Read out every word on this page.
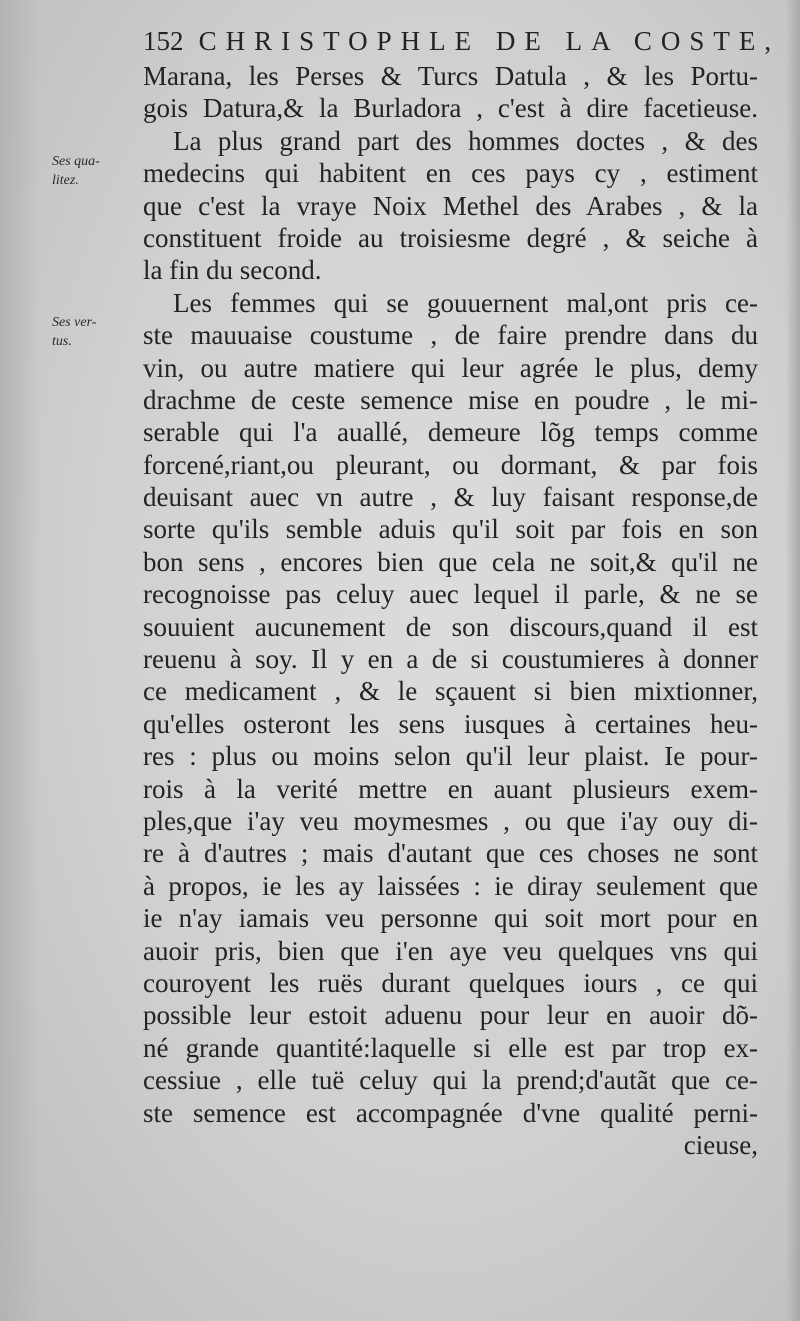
152 CHRISTOPHLE DE LA COSTE,
Ses qua-
litez.
Ses ver-
tus.
Marana, les Perses & Turcs Datula , & les Portu-
gois Datura,& la Burladora , c'est à dire facetieuse.
La plus grand part des hommes doctes , & des
medecins qui habitent en ces pays cy , estiment
que c'est la vraye Noix Methel des Arabes , & la
constituent froide au troisiesme degré , & seiche à
la fin du second.
Les femmes qui se gouuernent mal,ont pris ce-
ste mauuaise coustume , de faire prendre dans du
vin, ou autre matiere qui leur agrée le plus, demy
drachme de ceste semence mise en poudre , le mi-
serable qui l'a auallé, demeure lõg temps comme
forcené,riant,ou pleurant, ou dormant, & par fois
deuisant auec vn autre , & luy faisant response,de
sorte qu'ils semble aduis qu'il soit par fois en son
bon sens , encores bien que cela ne soit,& qu'il ne
recognoisse pas celuy auec lequel il parle, & ne se
souuient aucunement de son discours,quand il est
reuenu à soy. Il y en a de si coustumieres à donner
ce medicament , & le sçauent si bien mixtionner,
qu'elles osteront les sens iusques à certaines heu-
res : plus ou moins selon qu'il leur plaist. Ie pour-
rois à la verité mettre en auant plusieurs exem-
ples,que i'ay veu moymesmes , ou que i'ay ouy di-
re à d'autres ; mais d'autant que ces choses ne sont
à propos, ie les ay laissées : ie diray seulement que
ie n'ay iamais veu personne qui soit mort pour en
auoir pris, bien que i'en aye veu quelques vns qui
couroyent les ruës durant quelques iours , ce qui
possible leur estoit aduenu pour leur en auoir dõ-
né grande quantité:laquelle si elle est par trop ex-
cessiue , elle tuë celuy qui la prend;d'autãt que ce-
ste semence est accompagnée d'vne qualité perni-
cieuse,
